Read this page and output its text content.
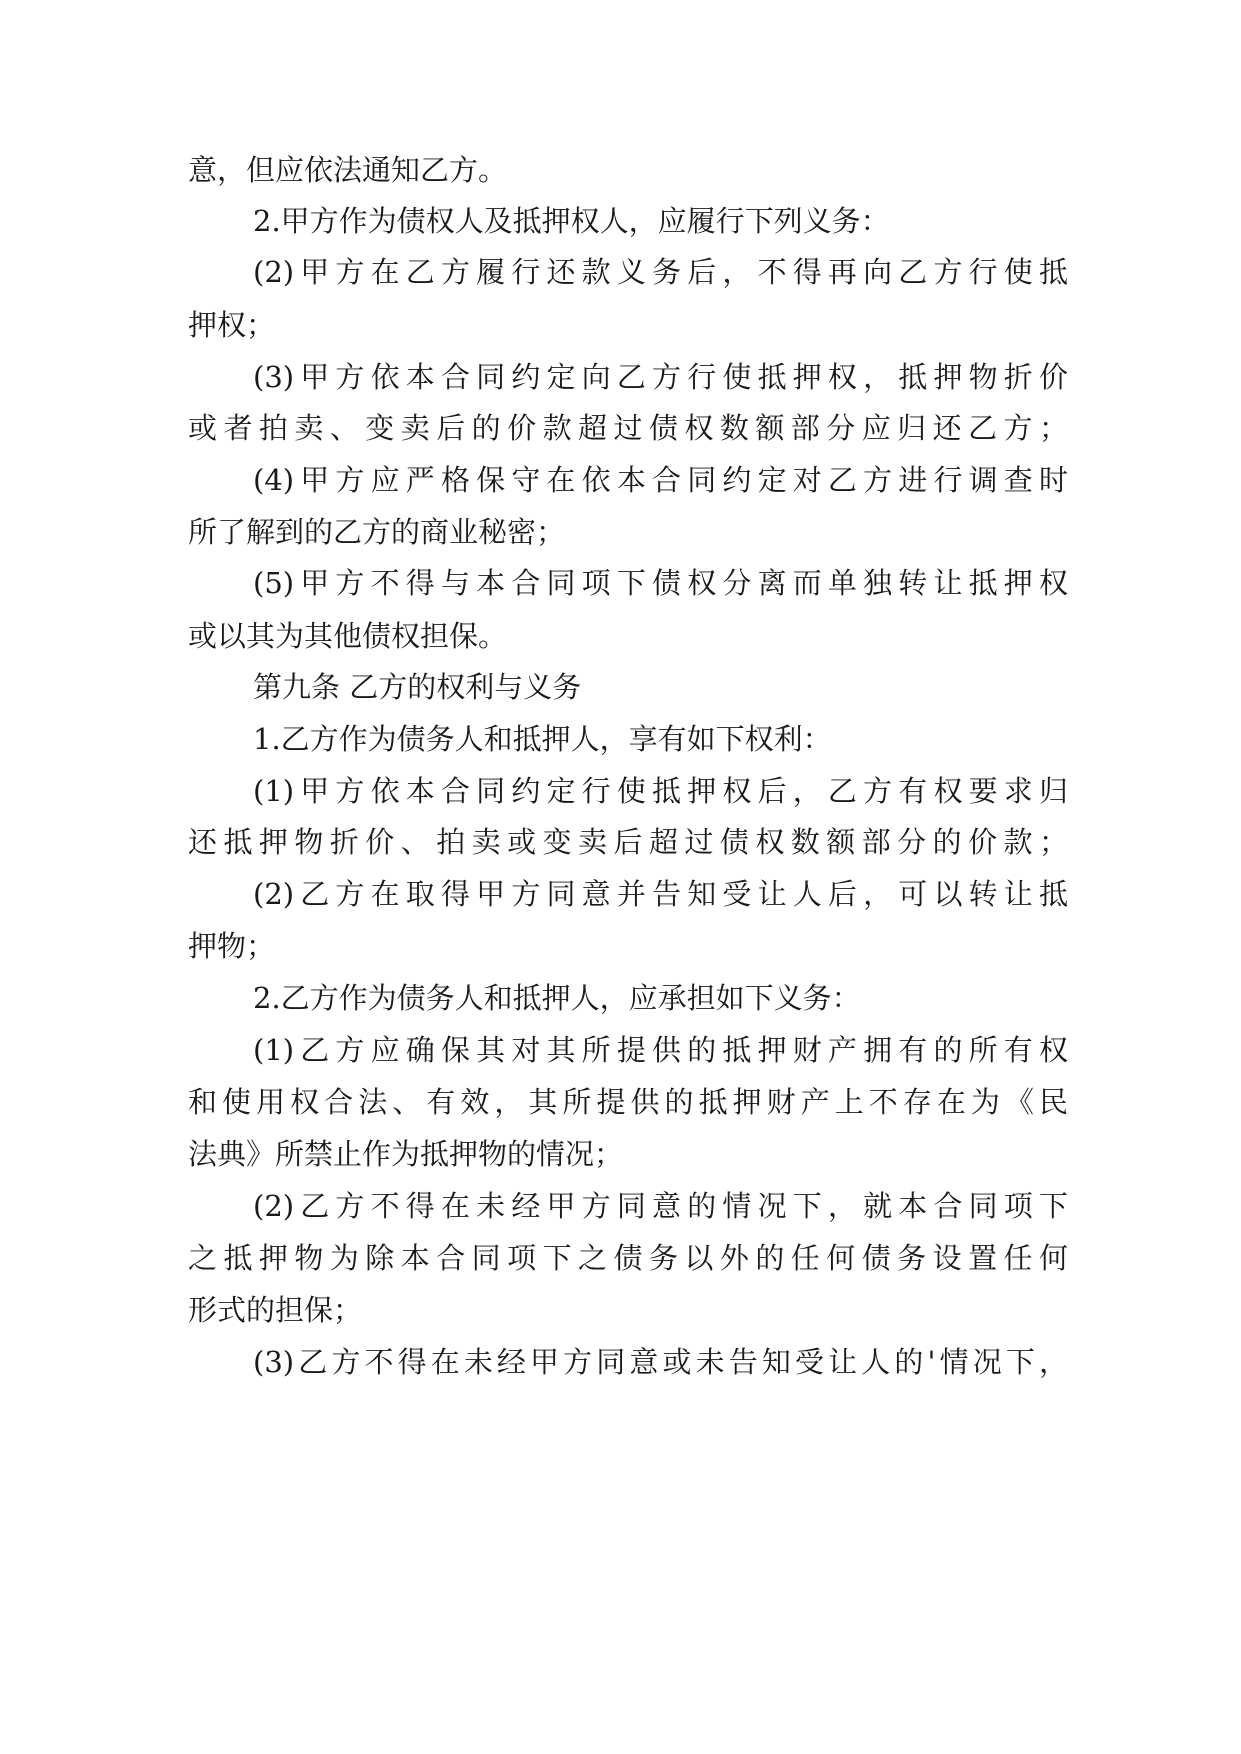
意，但应依法通知乙方。
2.甲方作为债权人及抵押权人，应履行下列义务：
(2)甲方在乙方履行还款义务后，不得再向乙方行使抵
押权；
(3)甲方依本合同约定向乙方行使抵押权，抵押物折价
或者拍卖、变卖后的价款超过债权数额部分应归还乙方；
(4)甲方应严格保守在依本合同约定对乙方进行调查时
所了解到的乙方的商业秘密；
(5)甲方不得与本合同项下债权分离而单独转让抵押权
或以其为其他债权担保。
第九条 乙方的权利与义务
1.乙方作为债务人和抵押人，享有如下权利：
(1)甲方依本合同约定行使抵押权后，乙方有权要求归
还抵押物折价、拍卖或变卖后超过债权数额部分的价款；
(2)乙方在取得甲方同意并告知受让人后，可以转让抵
押物；
2.乙方作为债务人和抵押人，应承担如下义务：
(1)乙方应确保其对其所提供的抵押财产拥有的所有权
和使用权合法、有效，其所提供的抵押财产上不存在为《民
法典》所禁止作为抵押物的情况；
(2)乙方不得在未经甲方同意的情况下，就本合同项下
之抵押物为除本合同项下之债务以外的任何债务设置任何
形式的担保；
(3)乙方不得在未经甲方同意或未告知受让人的'情况下，
